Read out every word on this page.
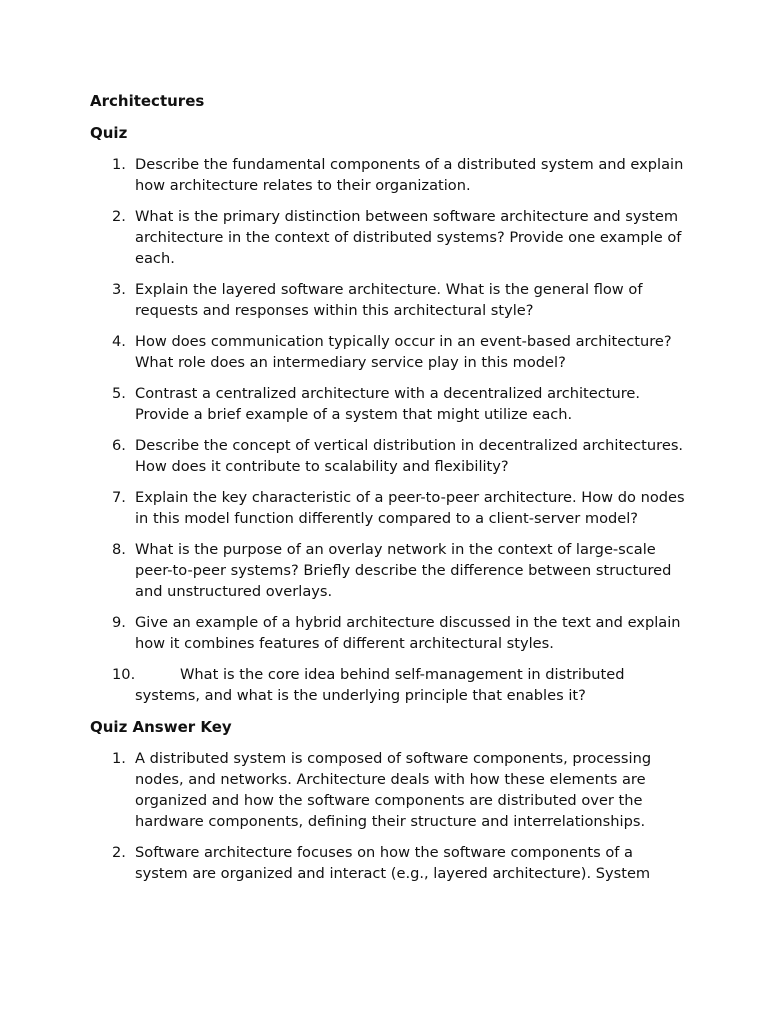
Architectures
Quiz
1. Describe the fundamental components of a distributed system and explain how architecture relates to their organization.
2. What is the primary distinction between software architecture and system architecture in the context of distributed systems? Provide one example of each.
3. Explain the layered software architecture. What is the general flow of requests and responses within this architectural style?
4. How does communication typically occur in an event-based architecture? What role does an intermediary service play in this model?
5. Contrast a centralized architecture with a decentralized architecture. Provide a brief example of a system that might utilize each.
6. Describe the concept of vertical distribution in decentralized architectures. How does it contribute to scalability and flexibility?
7. Explain the key characteristic of a peer-to-peer architecture. How do nodes in this model function differently compared to a client-server model?
8. What is the purpose of an overlay network in the context of large-scale peer-to-peer systems? Briefly describe the difference between structured and unstructured overlays.
9. Give an example of a hybrid architecture discussed in the text and explain how it combines features of different architectural styles.
10.	What is the core idea behind self-management in distributed systems, and what is the underlying principle that enables it?
Quiz Answer Key
1. A distributed system is composed of software components, processing nodes, and networks. Architecture deals with how these elements are organized and how the software components are distributed over the hardware components, defining their structure and interrelationships.
2. Software architecture focuses on how the software components of a system are organized and interact (e.g., layered architecture). System
